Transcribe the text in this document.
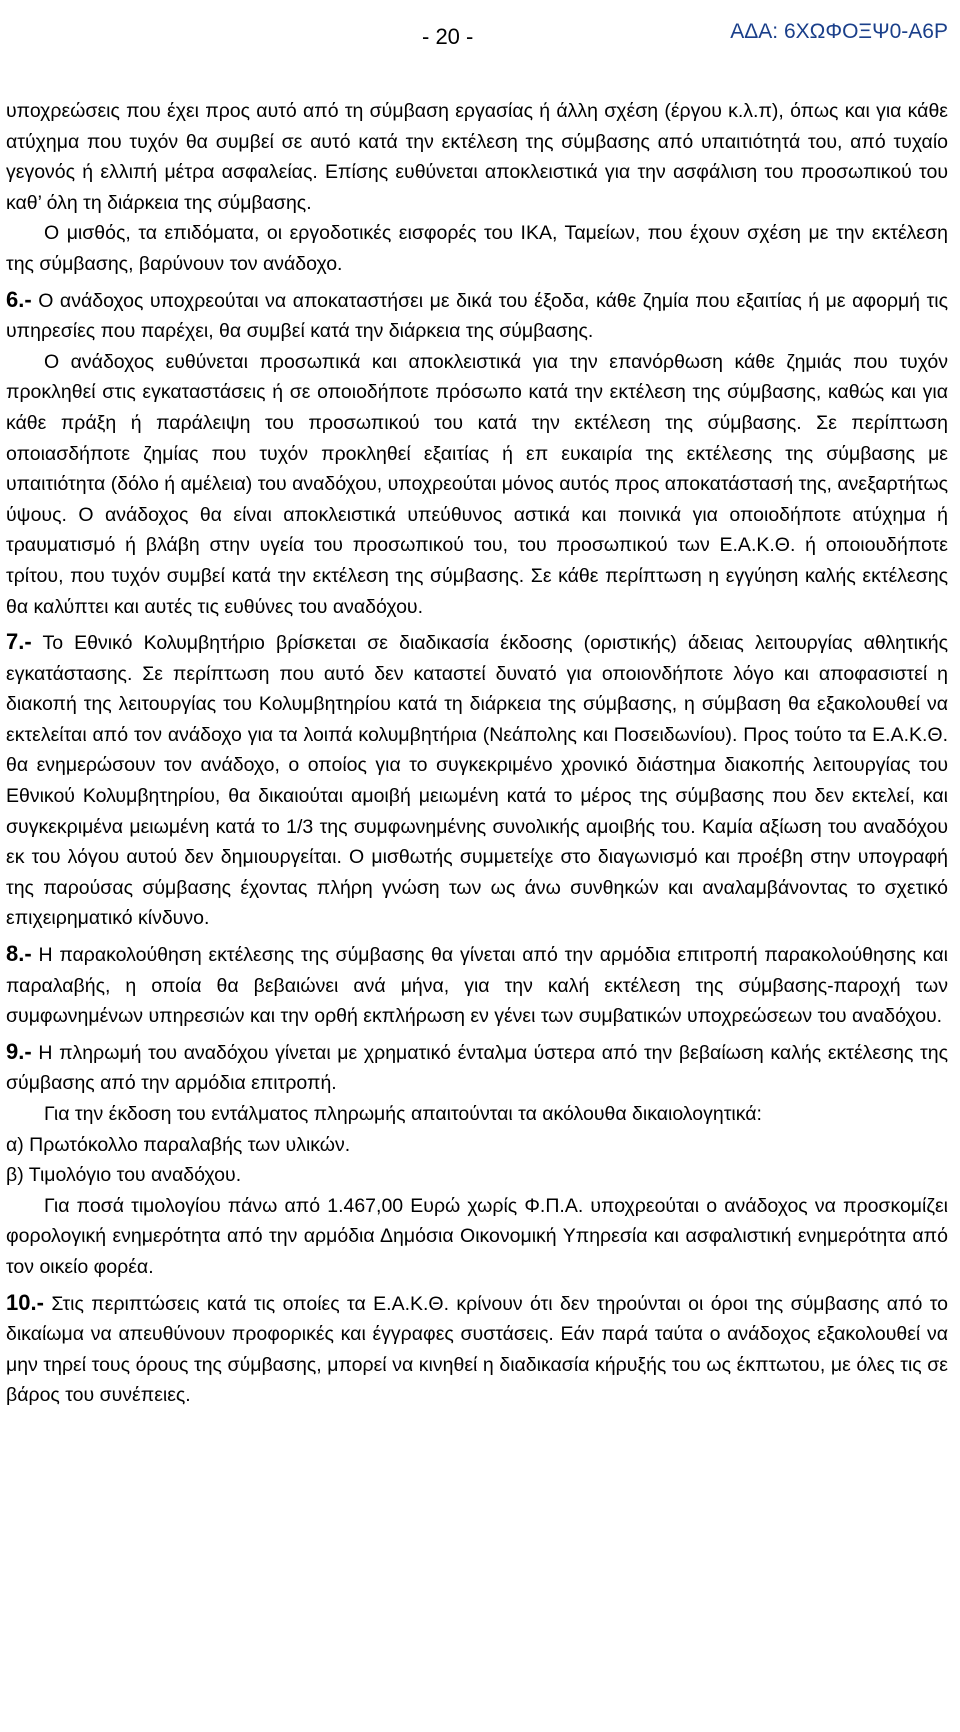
- 20 -	ΑΔΑ: 6ΧΩΦΟΞΨ0-Α6Ρ

υποχρεώσεις που έχει προς αυτό από τη σύμβαση εργασίας ή άλλη σχέση (έργου κ.λ.π), όπως και για κάθε ατύχημα που τυχόν θα συμβεί σε αυτό κατά την εκτέλεση της σύμβασης από υπαιτιότητά του, από τυχαίο γεγονός ή ελλιπή μέτρα ασφαλείας. Επίσης ευθύνεται αποκλειστικά για την ασφάλιση του προσωπικού του καθ’ όλη τη διάρκεια της σύμβασης.

Ο μισθός, τα επιδόματα, οι εργοδοτικές εισφορές του ΙΚΑ, Ταμείων, που έχουν σχέση με την εκτέλεση της σύμβασης, βαρύνουν τον ανάδοχο.

6.- Ο ανάδοχος υποχρεούται να αποκαταστήσει με δικά του έξοδα, κάθε ζημία που εξαιτίας ή με αφορμή τις υπηρεσίες που παρέχει, θα συμβεί κατά την διάρκεια της σύμβασης.

Ο ανάδοχος ευθύνεται προσωπικά και αποκλειστικά για την επανόρθωση κάθε ζημιάς που τυχόν προκληθεί στις εγκαταστάσεις ή σε οποιοδήποτε πρόσωπο κατά την εκτέλεση της σύμβασης, καθώς και για κάθε πράξη ή παράλειψη του προσωπικού του κατά την εκτέλεση της σύμβασης. Σε περίπτωση οποιασδήποτε ζημίας που τυχόν προκληθεί εξαιτίας ή επ ευκαιρία της εκτέλεσης της σύμβασης με υπαιτιότητα (δόλο ή αμέλεια) του αναδόχου, υποχρεούται μόνος αυτός προς αποκατάστασή της, ανεξαρτήτως ύψους. Ο ανάδοχος θα είναι αποκλειστικά υπεύθυνος αστικά και ποινικά για οποιοδήποτε ατύχημα ή τραυματισμό ή βλάβη στην υγεία του προσωπικού του, του προσωπικού των Ε.Α.Κ.Θ. ή οποιουδήποτε τρίτου, που τυχόν συμβεί κατά την εκτέλεση της σύμβασης. Σε κάθε περίπτωση η εγγύηση καλής εκτέλεσης θα καλύπτει και αυτές τις ευθύνες του αναδόχου.

7.- Το Εθνικό Κολυμβητήριο βρίσκεται σε διαδικασία έκδοσης (οριστικής) άδειας λειτουργίας αθλητικής εγκατάστασης. Σε περίπτωση που αυτό δεν καταστεί δυνατό για οποιονδήποτε λόγο και αποφασιστεί η διακοπή της λειτουργίας του Κολυμβητηρίου κατά τη διάρκεια της σύμβασης, η σύμβαση θα εξακολουθεί να εκτελείται από τον ανάδοχο για τα λοιπά κολυμβητήρια (Νεάπολης και Ποσειδωνίου). Προς τούτο τα Ε.Α.Κ.Θ. θα ενημερώσουν τον ανάδοχο, ο οποίος για το συγκεκριμένο χρονικό διάστημα διακοπής λειτουργίας του Εθνικού Κολυμβητηρίου, θα δικαιούται αμοιβή μειωμένη κατά το μέρος της σύμβασης που δεν εκτελεί, και συγκεκριμένα μειωμένη κατά το 1/3 της συμφωνημένης συνολικής αμοιβής του. Καμία αξίωση του αναδόχου εκ του λόγου αυτού δεν δημιουργείται. Ο μισθωτής συμμετείχε στο διαγωνισμό και προέβη στην υπογραφή της παρούσας σύμβασης έχοντας πλήρη γνώση των ως άνω συνθηκών και αναλαμβάνοντας το σχετικό επιχειρηματικό κίνδυνο.

8.- Η παρακολούθηση εκτέλεσης της σύμβασης θα γίνεται από την αρμόδια επιτροπή παρακολούθησης και παραλαβής, η οποία θα βεβαιώνει ανά μήνα, για την καλή εκτέλεση της σύμβασης-παροχή των συμφωνημένων υπηρεσιών και την ορθή εκπλήρωση εν γένει των συμβατικών υποχρεώσεων του αναδόχου.

9.- Η πληρωμή του αναδόχου γίνεται με χρηματικό ένταλμα ύστερα από την βεβαίωση καλής εκτέλεσης της σύμβασης από την αρμόδια επιτροπή.

Για την έκδοση του εντάλματος πληρωμής απαιτούνται τα ακόλουθα δικαιολογητικά:

α) Πρωτόκολλο παραλαβής των υλικών.
β) Τιμολόγιο του αναδόχου.

Για ποσά τιμολογίου πάνω από 1.467,00 Ευρώ χωρίς Φ.Π.Α. υποχρεούται ο ανάδοχος να προσκομίζει φορολογική ενημερότητα από την αρμόδια Δημόσια Οικονομική Υπηρεσία και ασφαλιστική ενημερότητα από τον οικείο φορέα.

10.- Στις περιπτώσεις κατά τις οποίες τα Ε.Α.Κ.Θ. κρίνουν ότι δεν τηρούνται οι όροι της σύμβασης από το δικαίωμα να απευθύνουν προφορικές και έγγραφες συστάσεις. Εάν παρά ταύτα ο ανάδοχος εξακολουθεί να μην τηρεί τους όρους της σύμβασης, μπορεί να κινηθεί η διαδικασία κήρυξής του ως έκπτωτου, με όλες τις σε βάρος του συνέπειες.
